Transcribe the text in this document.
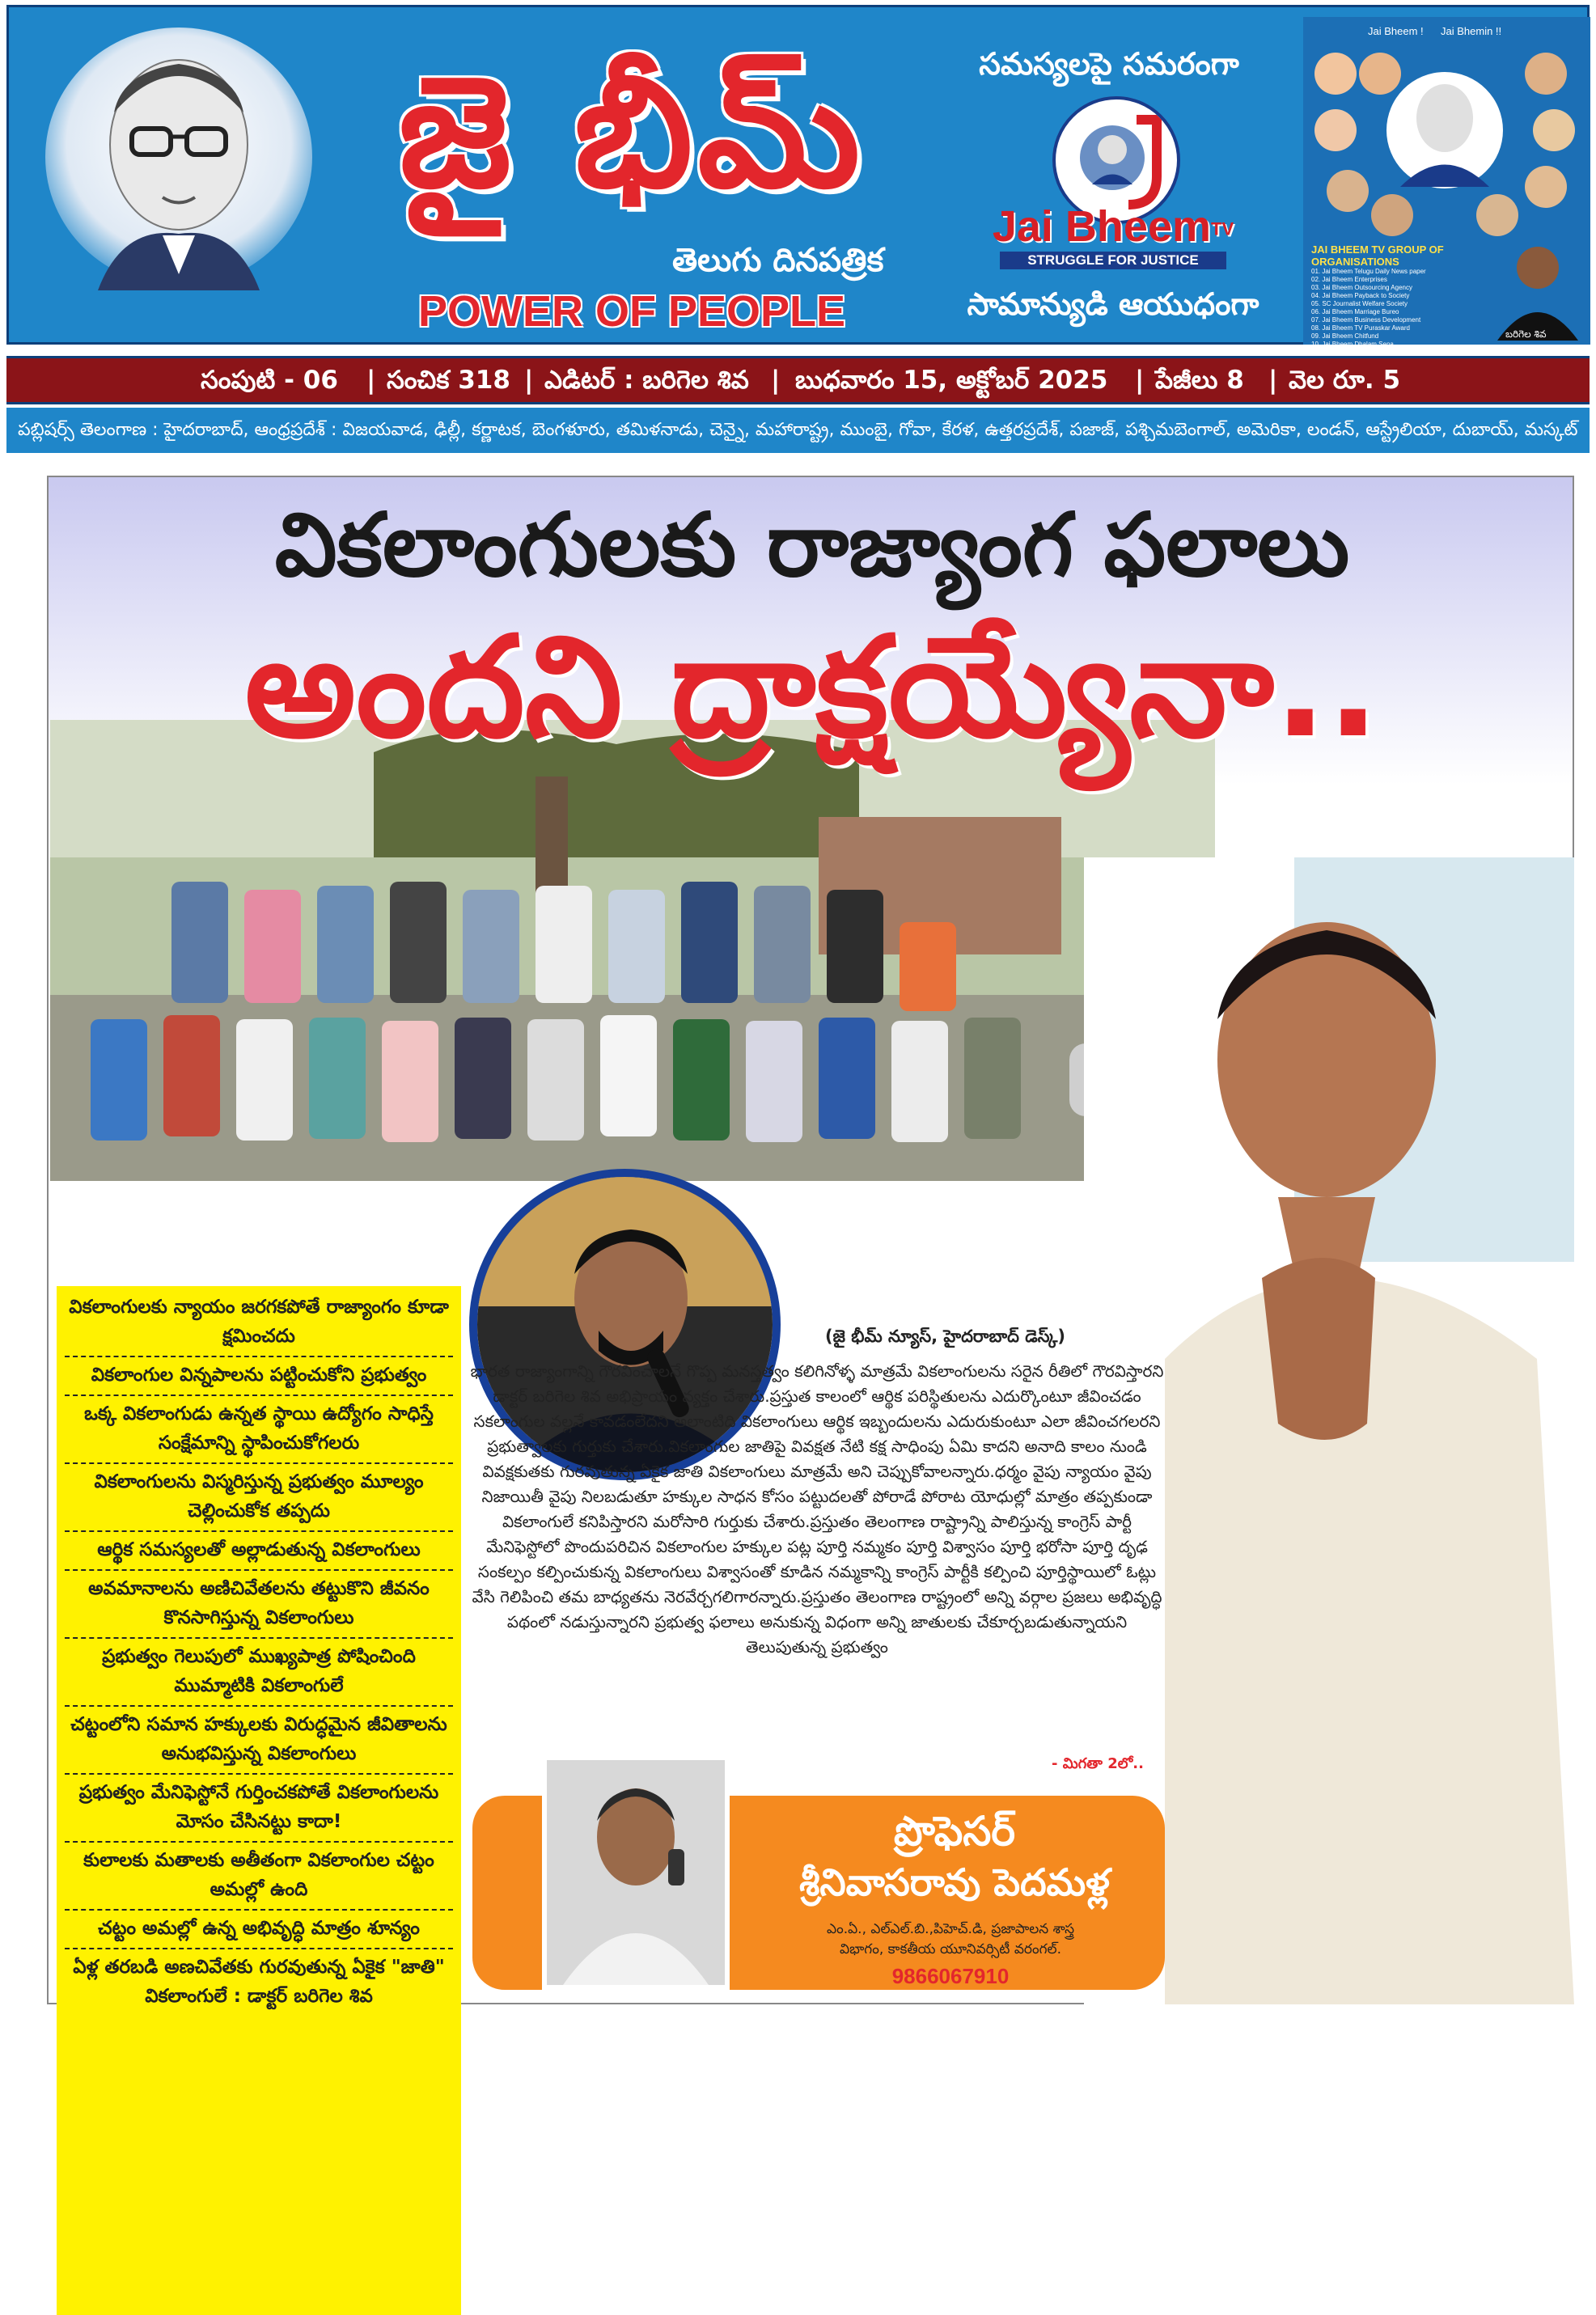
జై భీమ్
తెలుగు దినపత్రిక
POWER OF PEOPLE
సమస్యలపై సమరంగా
Jai BheemTV
STRUGGLE FOR JUSTICE
సామాన్యుడి ఆయుధంగా
Jai Bheem ! Jai Bhemin !!
JAI BHEEM TV GROUP OF ORGANISATIONS
01. Jai Bheem Telugu Daily News paper
02. Jai Bheem Enterprises
03. Jai Bheem Outsourcing Agency
04. Jai Bheem Payback to Society
05. SC Journalist Welfare Society
06. Jai Bheem Marriage Bureo
07. Jai Bheem Business Development
08. Jai Bheem TV Puraskar Award
09. Jai Bheem Chitfund
10. Jai Bheem Dhalam Sena
11. South India Journalist Union
బరిగెల శివ
సంపుటి - 06 | సంచిక 318 | ఎడిటర్ : బరిగెల శివ | బుధవారం 15, అక్టోబర్ 2025 | పేజీలు 8 | వెల రూ. 5
పబ్లిషర్స్ తెలంగాణ : హైదరాబాద్, ఆంధ్రప్రదేశ్ : విజయవాడ, ఢిల్లీ, కర్ణాటక, బెంగళూరు, తమిళనాడు, చెన్నై, మహారాష్ట్ర, ముంబై, గోవా, కేరళ, ఉత్తరప్రదేశ్, పజాజ్, పశ్చిమబెంగాల్, అమెరికా, లండన్, ఆస్ట్రేలియా, దుబాయ్, మస్కట్
వికలాంగులకు రాజ్యాంగ ఫలాలు
అందని ద్రాక్షయ్యేనా..
వికలాంగులకు న్యాయం జరగకపోతే రాజ్యాంగం కూడా క్షమించదు
వికలాంగుల విన్నపాలను పట్టించుకోని ప్రభుత్వం
ఒక్క వికలాంగుడు ఉన్నత స్థాయి ఉద్యోగం సాధిస్తే సంక్షేమాన్ని స్థాపించుకోగలరు
వికలాంగులను విస్మరిస్తున్న ప్రభుత్వం మూల్యం చెల్లించుకోక తప్పదు
ఆర్థిక సమస్యలతో అల్లాడుతున్న వికలాంగులు
అవమానాలను అణిచివేతలను తట్టుకొని జీవనం కొనసాగిస్తున్న వికలాంగులు
ప్రభుత్వం గెలుపులో ముఖ్యపాత్ర పోషించింది ముమ్మాటికి వికలాంగులే
చట్టంలోని సమాన హక్కులకు విరుద్ధమైన జీవితాలను అనుభవిస్తున్న వికలాంగులు
ప్రభుత్వం మేనిఫెస్టోనే గుర్తించకపోతే వికలాంగులను మోసం చేసినట్టు కాదా!
కులాలకు మతాలకు అతీతంగా వికలాంగుల చట్టం అమల్లో ఉంది
చట్టం అమల్లో ఉన్న అభివృద్ధి మాత్రం శూన్యం
ఏళ్ల తరబడి అణచివేతకు గురవుతున్న ఏకైక "జాతి" వికలాంగులే : డాక్టర్ బరిగెల శివ
(జై భీమ్ న్యూస్, హైదరాబాద్ డెస్క్)
భారత రాజ్యాంగాన్ని గౌరవించాలనే గొప్ప మనస్తత్వం కలిగినోళ్ళ మాత్రమే వికలాంగులను సరైన రీతిలో గౌరవిస్తారని డాక్టర్ బరిగెల శివ అభిప్రాయం వ్యక్తం చేశారు.ప్రస్తుత కాలంలో ఆర్థిక పరిస్థితులను ఎదుర్కొంటూ జీవించడం సకలాంగుల వల్లనే కావడంలేదని అలాంటిది వికలాంగులు ఆర్థిక ఇబ్బందులను ఎదురుకుంటూ ఎలా జీవించగలరని ప్రభుత్వాలకు గుర్తుకు చేశారు.వికలాంగుల జాతిపై వివక్షత నేటి కక్ష సాధింపు ఏమి కాదని అనాది కాలం నుండి వివక్షకుతకు గురవుతున్న ఏకైక జాతి వికలాంగులు మాత్రమే అని చెప్పుకోవాలన్నారు.ధర్మం వైపు న్యాయం వైపు నిజాయితీ వైపు నిలబడుతూ హక్కుల సాధన కోసం పట్టుదలతో పోరాడే పోరాట యోధుల్లో మాత్రం తప్పకుండా వికలాంగులే కనిపిస్తారని మరోసారి గుర్తుకు చేశారు.ప్రస్తుతం తెలంగాణ రాష్ట్రాన్ని పాలిస్తున్న కాంగ్రెస్ పార్టీ మేనిఫెస్టోలో పొందుపరిచిన వికలాంగుల హక్కుల పట్ల పూర్తి నమ్మకం పూర్తి విశ్వాసం పూర్తి భరోసా పూర్తి దృఢ సంకల్పం కల్పించుకున్న వికలాంగులు విశ్వాసంతో కూడిన నమ్మకాన్ని కాంగ్రెస్ పార్టీకి కల్పించి పూర్తిస్థాయిలో ఓట్లు వేసి గెలిపించి తమ బాధ్యతను నెరవేర్చగలిగారన్నారు.ప్రస్తుతం తెలంగాణ రాష్ట్రంలో అన్ని వర్గాల ప్రజలు అభివృద్ధి పథంలో నడుస్తున్నారని ప్రభుత్వ ఫలాలు అనుకున్న విధంగా అన్ని జాతులకు చేకూర్చబడుతున్నాయని తెలుపుతున్న ప్రభుత్వం
- మిగతా 2లో..
ప్రొఫెసర్
శ్రీనివాసరావు పెదమళ్ల
ఎం.ఏ., ఎల్ఎల్.బి.,పిహెచ్.డి, ప్రజాపాలన శాస్త్ర
విభాగం, కాకతీయ యూనివర్సిటీ వరంగల్.
9866067910
